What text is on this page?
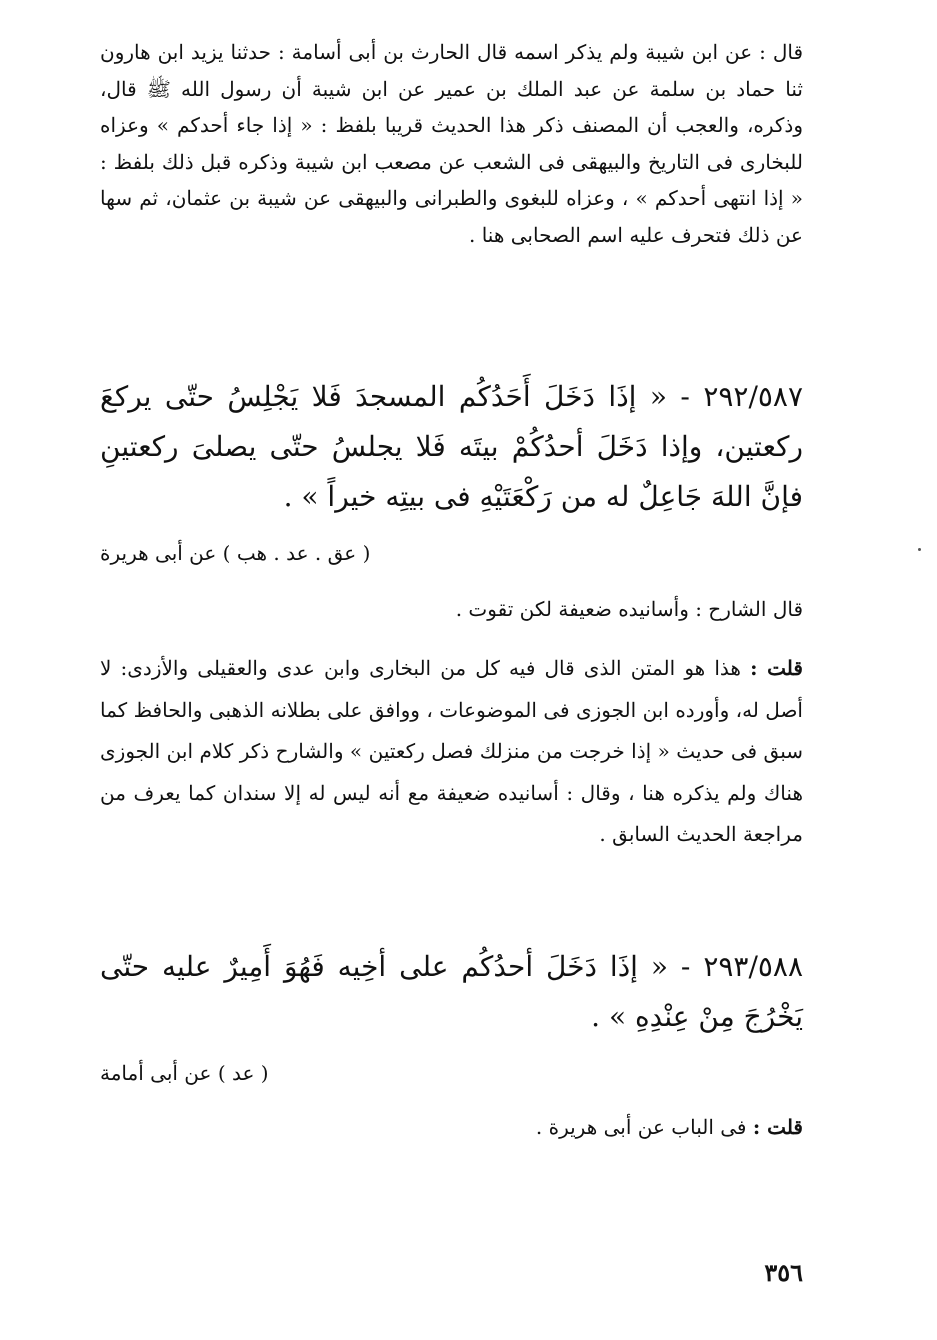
قال : عن ابن شيبة ولم يذكر اسمه قال الحارث بن أبى أسامة : حدثنا يزيد ابن هارون ثنا حماد بن سلمة عن عبد الملك بن عمير عن ابن شيبة أن رسول الله ﷺ قال، وذكره، والعجب أن المصنف ذكر هذا الحديث قريبا بلفظ : « إذا جاء أحدكم » وعزاه للبخارى فى التاريخ والبيهقى فى الشعب عن مصعب ابن شيبة وذكره قبل ذلك بلفظ : « إذا انتهى أحدكم » ، وعزاه للبغوى والطبرانى والبيهقى عن شيبة بن عثمان، ثم سها عن ذلك فتحرف عليه اسم الصحابى هنا .

٢٩٢/٥٨٧ - « إذَا دَخَلَ أَحَدُكُم المسجدَ فَلا يَجْلِسُ حتّى يركعَ ركعتين، وإذا دَخَلَ أحدُكُمْ بيتَه فَلا يجلسُ حتّى يصلىَ ركعتينِ فإنَّ اللهَ جَاعِلٌ له من رَكْعَتَيْهِ فى بيتِه خيراً » .

( عق . عد . هب ) عن أبى هريرة
قال الشارح : وأسانيده ضعيفة لكن تقوت .

قلت : هذا هو المتن الذى قال فيه كل من البخارى وابن عدى والعقيلى والأزدى: لا أصل له، وأورده ابن الجوزى فى الموضوعات ، ووافق على بطلانه الذهبى والحافظ كما سبق فى حديث « إذا خرجت من منزلك فصل ركعتين » والشارح ذكر كلام ابن الجوزى هناك ولم يذكره هنا ، وقال : أسانيده ضعيفة مع أنه ليس له إلا سندان كما يعرف من مراجعة الحديث السابق .

٢٩٣/٥٨٨ - « إذَا دَخَلَ أحدُكُم على أخِيه فَهُوَ أَمِيرٌ عليه حتّى يَخْرُجَ مِنْ عِنْدِهِ » .

( عد ) عن أبى أمامة
قلت : فى الباب عن أبى هريرة .
٣٥٦
